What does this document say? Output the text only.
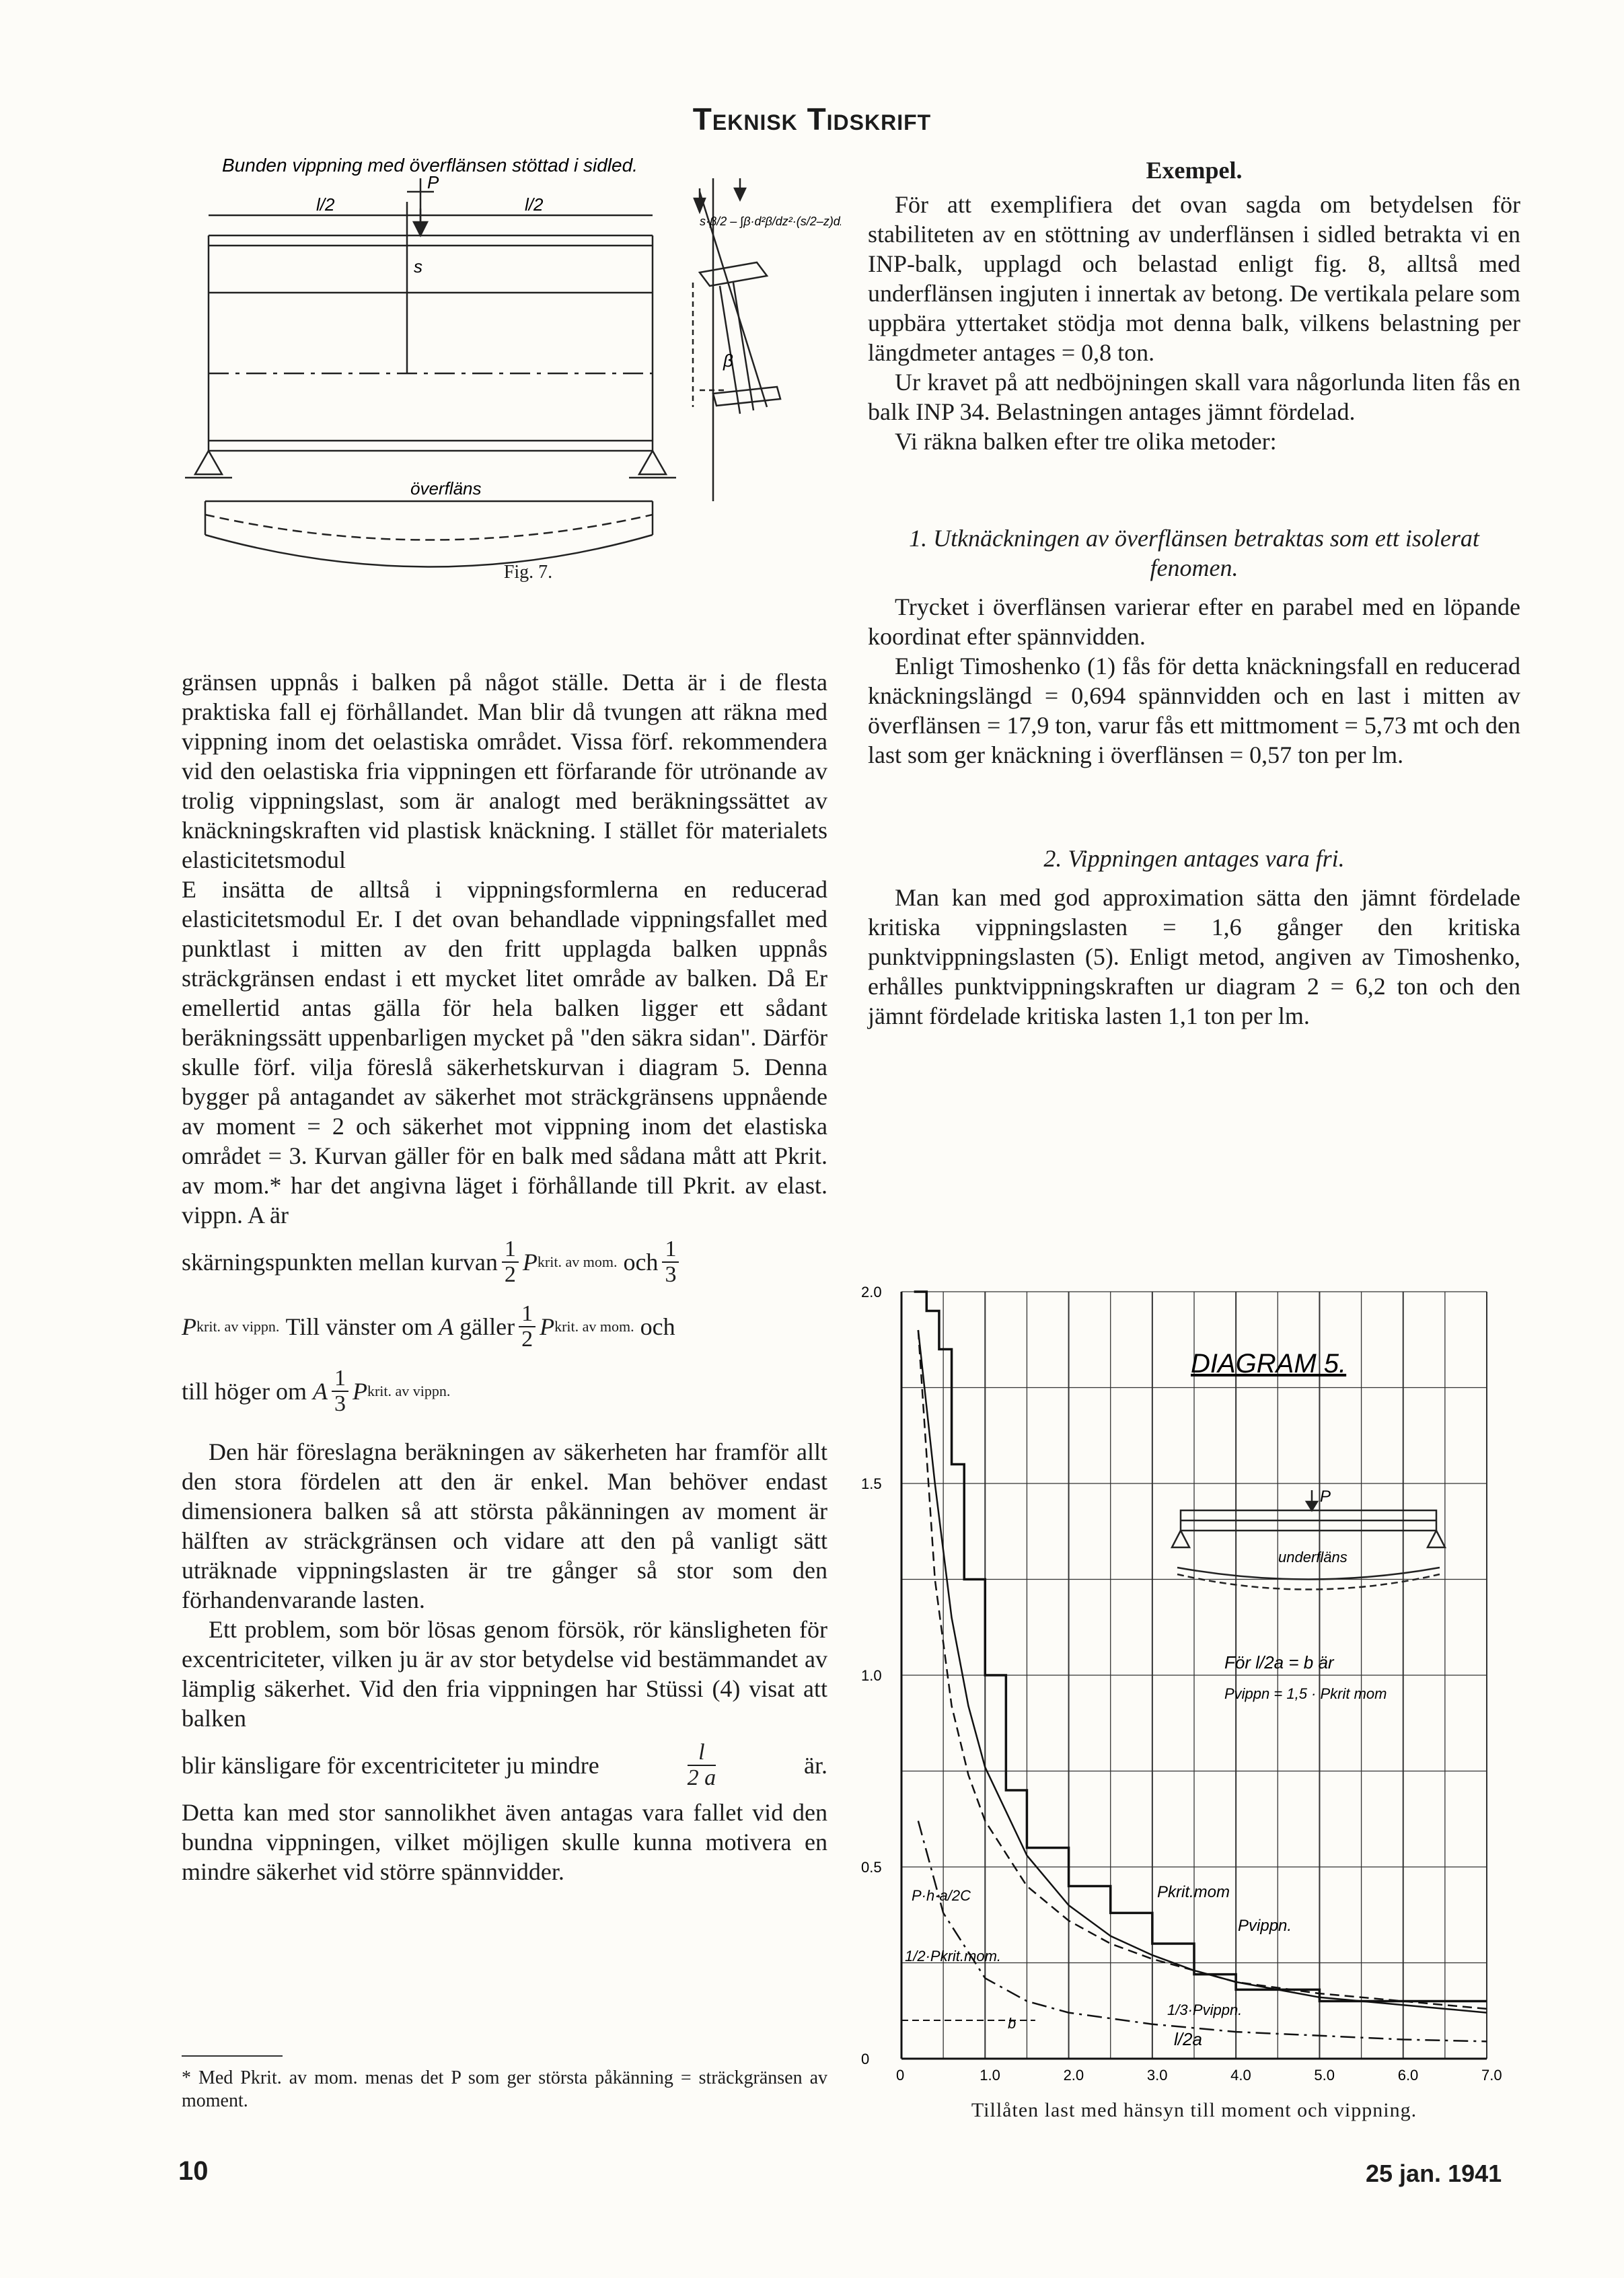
Teknisk Tidskrift
Bunden vippning med överflänsen stöttad i sidled.
l/2	l/2
P
s
överfläns
β
s·β/2 – ∫β·d²β/dz²·(s/2–z)dz
Fig. 7.

gränsen uppnås i balken på något ställe. Detta är i de flesta praktiska fall ej förhållandet. Man blir då tvungen att räkna med vippning inom det oelastiska området. Vissa förf. rekommendera vid den oelastiska fria vippningen ett förfarande för utrönande av trolig vippningslast, som är analogt med beräkningssättet av knäckningskraften vid plastisk knäckning. I stället för materialets elasticitetsmodul

E insätta de alltså i vippningsformlerna en reducerad elasticitetsmodul Er. I det ovan behandlade vippningsfallet med punktlast i mitten av den fritt upplagda balken uppnås sträckgränsen endast i ett mycket litet område av balken. Då Er emellertid antas gälla för hela balken ligger ett sådant beräkningssätt uppenbarligen mycket på "den säkra sidan". Därför skulle förf. vilja föreslå säkerhetskurvan i diagram 5. Denna bygger på antagandet av säkerhet mot sträckgränsens uppnående av moment = 2 och säkerhet mot vippning inom det elastiska området = 3. Kurvan gäller för en balk med sådana mått att Pkrit. av mom.* har det angivna läget i förhållande till Pkrit. av elast. vippn. A är

skärningspunkten mellan kurvan $\frac{1}{2}$ P krit. av mom.
och $\frac{1}{3}$
P krit. av vippn.
Till vänster om
A
gäller $\frac{1}{2}$ P krit. av mom.
och
till höger om
A $\frac{1}{3}$ P krit. av vippn.

Den här föreslagna beräkningen av säkerheten har framför allt den stora fördelen att den är enkel. Man behöver endast dimensionera balken så att största påkänningen av moment är hälften av sträckgränsen och vidare att den på vanligt sätt uträknade vippningslasten är tre gånger så stor som den förhandenvarande lasten.

Ett problem, som bör lösas genom försök, rör känsligheten för excentriciteter, vilken ju är av stor betydelse vid bestämmandet av lämplig säkerhet. Vid den fria vippningen har Stüssi (4) visat att balken

blir känsligare för excentriciteter ju mindre	$\frac{l}{2 a}$	är.

Detta kan med stor sannolikhet även antagas vara fallet vid den bundna vippningen, vilket möjligen skulle kunna motivera en mindre säkerhet vid större spännvidder.

* Med Pkrit. av mom. menas det P som ger största påkänning = sträckgränsen av moment.
Exempel.

För att exemplifiera det ovan sagda om betydelsen för stabiliteten av en stöttning av underflänsen i sidled betrakta vi en INP-balk, upplagd och belastad enligt fig. 8, alltså med underflänsen ingjuten i innertak av betong. De vertikala pelare som uppbära yttertaket stödja mot denna balk, vilkens belastning per längdmeter antages = 0,8 ton.

Ur kravet på att nedböjningen skall vara någorlunda liten fås en balk INP 34. Belastningen antages jämnt fördelad.

Vi räkna balken efter tre olika metoder:

1. Utknäckningen av överflänsen betraktas som ett isolerat fenomen.

Trycket i överflänsen varierar efter en parabel med en löpande koordinat efter spännvidden.

Enligt Timoshenko (1) fås för detta knäckningsfall en reducerad knäckningslängd = 0,694 spännvidden och en last i mitten av överflänsen = 17,9 ton, varur fås ett mittmoment = 5,73 mt och den last som ger knäckning i överflänsen = 0,57 ton per lm.

2. Vippningen antages vara fri.

Man kan med god approximation sätta den jämnt fördelade kritiska vippningslasten = 1,6 gånger den kritiska punktvippningslasten (5). Enligt metod, angiven av Timoshenko, erhålles punktvippningskraften ur diagram 2 = 6,2 ton och den jämnt fördelade kritiska lasten 1,1 ton per lm.

0	1.0	2.0	3.0	4.0	5.0	6.0	7.0
0
0.5
1.0
1.5
2.0
DIAGRAM 5.
P
underfläns
För l/2a = b är
Pvippn = 1,5 · Pkrit mom
Pkrit.mom
Pvippn.
1/3·Pvippn.
1/2·Pkrit.mom.
P·h·a/2C
l/2a
b
Tillåten last med hänsyn till moment och vippning.
10	25 jan. 1941
